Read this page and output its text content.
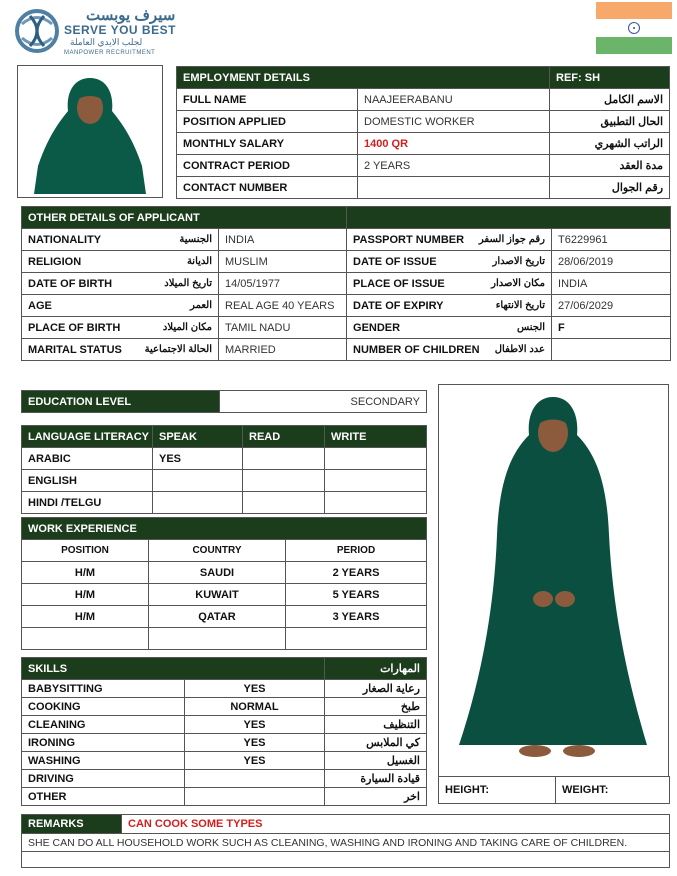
سيرف يوبست
SERVE YOU BEST
لجلب الايدي العاملة
MANPOWER RECRUITMENT
EMPLOYMENT DETAILS		REF: SH
FULL NAME	NAAJEERABANU	الاسم الكامل
POSITION APPLIED	DOMESTIC WORKER	الحال التطبيق
MONTHLY SALARY	1400 QR	الراتب الشهري
CONTRACT PERIOD	2 YEARS	مدة العقد
CONTACT NUMBER		رقم الجوال
OTHER DETAILS OF APPLICANT			

NATIONALITY الجنسية	INDIA	PASSPORT NUMBER رقم جواز السفر	T6229961

RELIGION الديانة	MUSLIM	DATE OF ISSUE تاريخ الاصدار	28/06/2019

DATE OF BIRTH تاريخ الميلاد	14/05/1977	PLACE OF ISSUE مكان الاصدار	INDIA

AGE العمر	REAL AGE 40 YEARS	DATE OF EXPIRY تاريخ الانتهاء	27/06/2029

PLACE OF BIRTH مكان الميلاد	TAMIL NADU	GENDER الجنس	F

MARITAL STATUS الحالة الاجتماعية	MARRIED	NUMBER OF CHILDREN عدد الاطفال	

EDUCATION LEVEL	SECONDARY
LANGUAGE LITERACY	SPEAK	READ	WRITE
ARABIC	YES		
ENGLISH			
HINDI /TELGU			
WORK EXPERIENCE		
POSITION	COUNTRY	PERIOD
H/M	SAUDI	2 YEARS
H/M	KUWAIT	5 YEARS
H/M	QATAR	3 YEARS

SKILLS		المهارات
BABYSITTING	YES	رعاية الصغار
COOKING	NORMAL	طبخ
CLEANING	YES	التنظيف
IRONING	YES	كي الملابس
WASHING	YES	الغسيل
DRIVING		قيادة السيارة
OTHER		اخر
HEIGHT:	WEIGHT:
REMARKS	CAN COOK SOME TYPES
SHE CAN DO ALL HOUSEHOLD WORK SUCH AS CLEANING, WASHING AND IRONING AND TAKING CARE OF CHILDREN.
